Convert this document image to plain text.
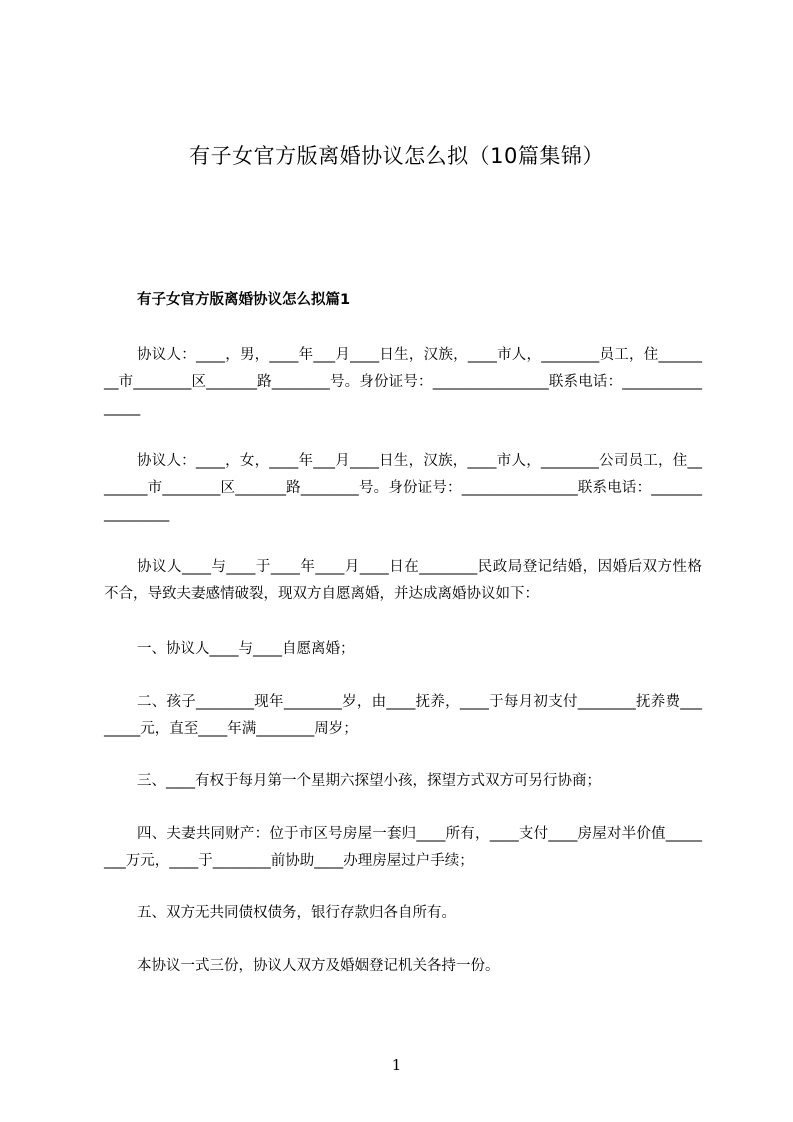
有子女官方版离婚协议怎么拟（10篇集锦）
有子女官方版离婚协议怎么拟篇1

协议人：____，男，____年___月____日生，汉族，____市人，________员工，住________市________区_______路________号。身份证号：________________联系电话：________________

协议人：____，女，____年___月____日生，汉族，____市人，________公司员工，住________市________区_______路________号。身份证号：________________联系电话：________________

协议人____与____于____年____月____日在________民政局登记结婚，因婚后双方性格不合，导致夫妻感情破裂，现双方自愿离婚，并达成离婚协议如下：

一、协议人____与____自愿离婚；

二、孩子________现年________岁，由____抚养，____于每月初支付________抚养费________元，直至____年满________周岁；

三、____有权于每月第一个星期六探望小孩，探望方式双方可另行协商；

四、夫妻共同财产：位于市区号房屋一套归____所有，____支付____房屋对半价值________万元，____于________前协助____办理房屋过户手续；

五、双方无共同债权债务，银行存款归各自所有。

本协议一式三份，协议人双方及婚姻登记机关各持一份。

1
